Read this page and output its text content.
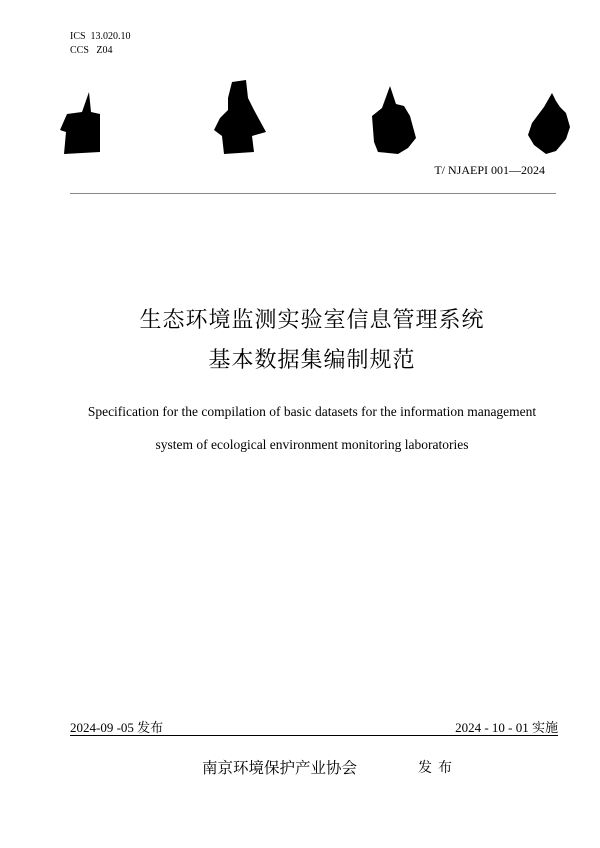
ICS  13.020.10
CCS   Z04
T/ NJAEPI 001—2024
生态环境监测实验室信息管理系统
基本数据集编制规范
Specification for the compilation of basic datasets for the information management
system of ecological environment monitoring laboratories
2024-09 -05 发布	2024 - 10 - 01 实施
南京环境保护产业协会	发布
